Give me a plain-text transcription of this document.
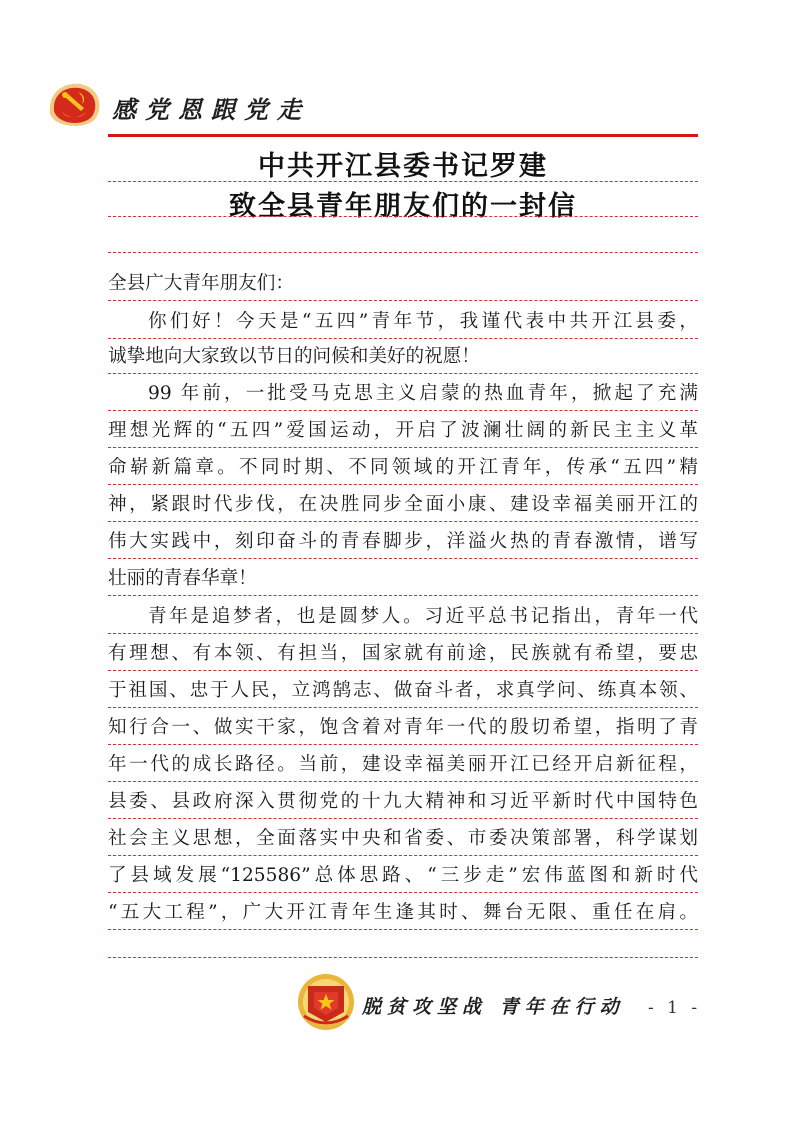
感党恩跟党走
中共开江县委书记罗建
致全县青年朋友们的一封信
全县广大青年朋友们：
你们好！今天是“五四”青年节，我谨代表中共开江县委，
诚挚地向大家致以节日的问候和美好的祝愿！
99 年前，一批受马克思主义启蒙的热血青年，掀起了充满
理想光辉的“五四”爱国运动，开启了波澜壮阔的新民主主义革
命崭新篇章。不同时期、不同领域的开江青年，传承“五四”精
神，紧跟时代步伐，在决胜同步全面小康、建设幸福美丽开江的
伟大实践中，刻印奋斗的青春脚步，洋溢火热的青春激情，谱写
壮丽的青春华章！
青年是追梦者，也是圆梦人。习近平总书记指出，青年一代
有理想、有本领、有担当，国家就有前途，民族就有希望，要忠
于祖国、忠于人民，立鸿鹄志、做奋斗者，求真学问、练真本领、
知行合一、做实干家，饱含着对青年一代的殷切希望，指明了青
年一代的成长路径。当前，建设幸福美丽开江已经开启新征程，
县委、县政府深入贯彻党的十九大精神和习近平新时代中国特色
社会主义思想，全面落实中央和省委、市委决策部署，科学谋划
了县域发展“125586”总体思路、“三步走”宏伟蓝图和新时代
“五大工程”，广大开江青年生逢其时、舞台无限、重任在肩。
脱贫攻坚战 青年在行动 - 1 -
